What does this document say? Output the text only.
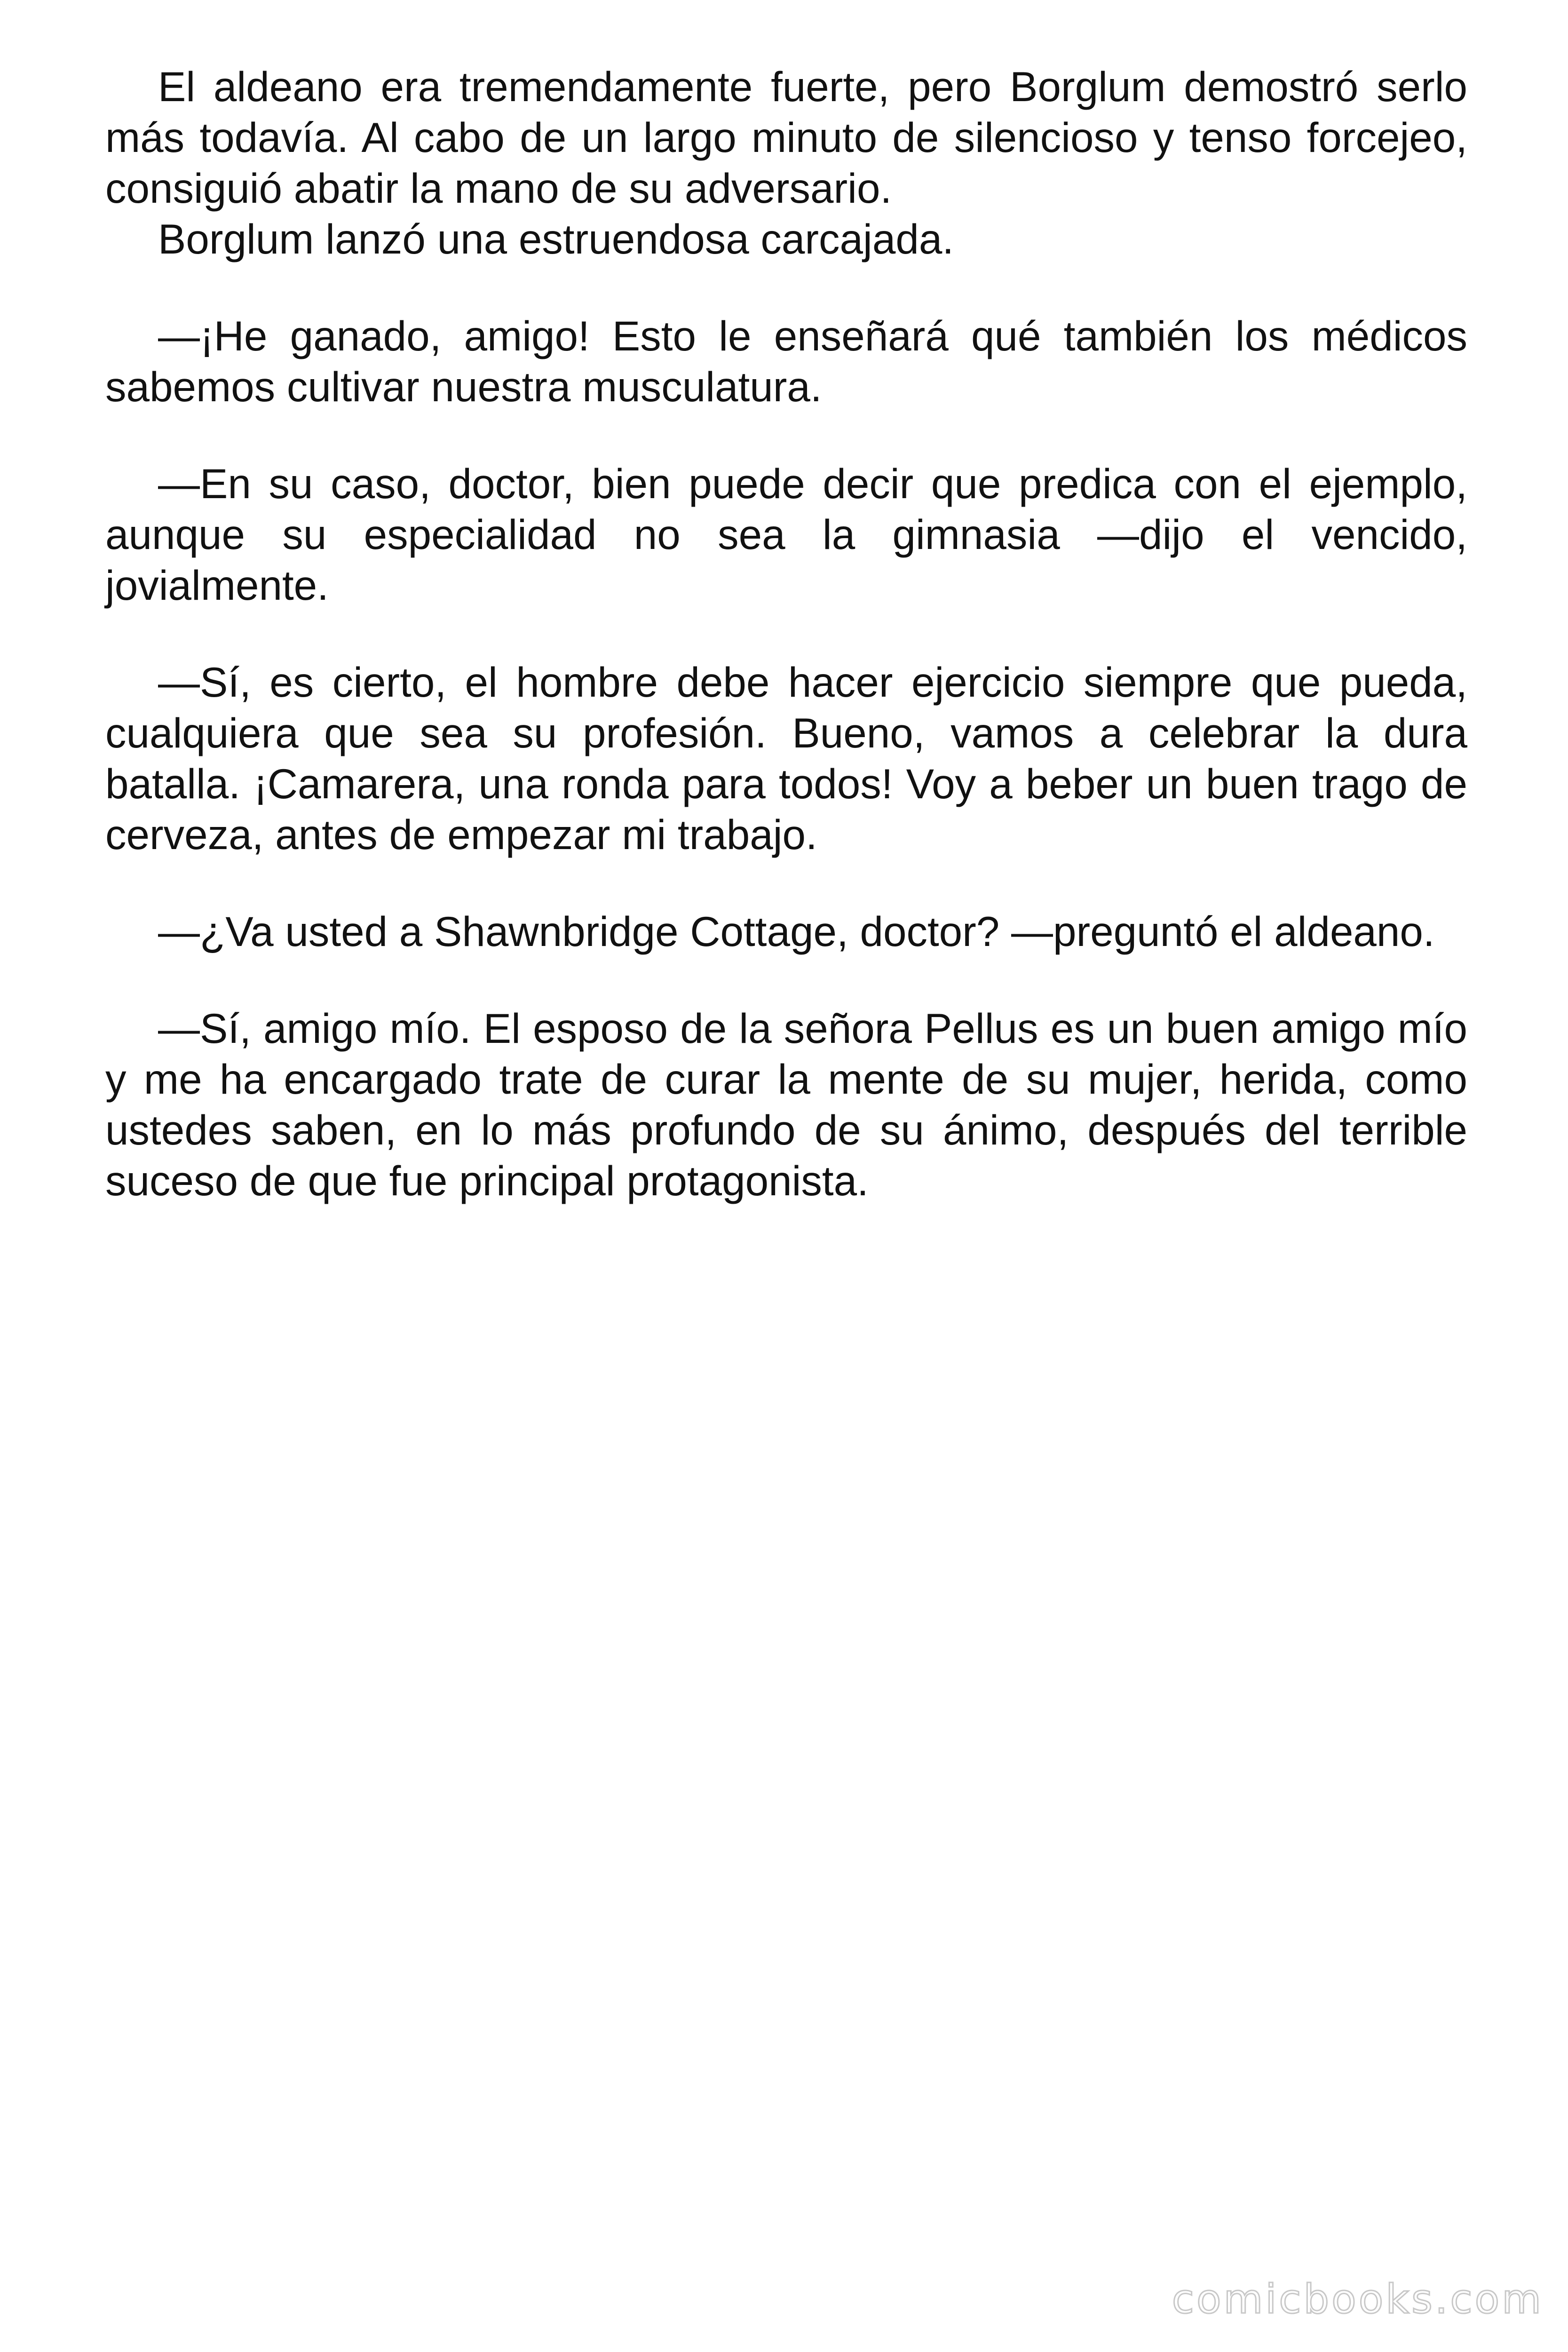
El aldeano era tremendamente fuerte, pero Borglum demostró serlo más todavía. Al cabo de un largo minuto de silencioso y tenso forcejeo, consiguió abatir la mano de su adversario.

Borglum lanzó una estruendosa carcajada.

—¡He ganado, amigo! Esto le enseñará qué también los médicos sabemos cultivar nuestra musculatura.

—En su caso, doctor, bien puede decir que predica con el ejemplo, aunque su especialidad no sea la gimnasia —dijo el vencido, jovialmente.

—Sí, es cierto, el hombre debe hacer ejercicio siempre que pueda, cualquiera que sea su profesión. Bueno, vamos a celebrar la dura batalla. ¡Camarera, una ronda para todos! Voy a beber un buen trago de cerveza, antes de empezar mi trabajo.

—¿Va usted a Shawnbridge Cottage, doctor? —preguntó el aldeano.

—Sí, amigo mío. El esposo de la señora Pellus es un buen amigo mío y me ha encargado trate de curar la mente de su mujer, herida, como ustedes saben, en lo más profundo de su ánimo, después del terrible suceso de que fue principal protagonista.

comicbooks.com
